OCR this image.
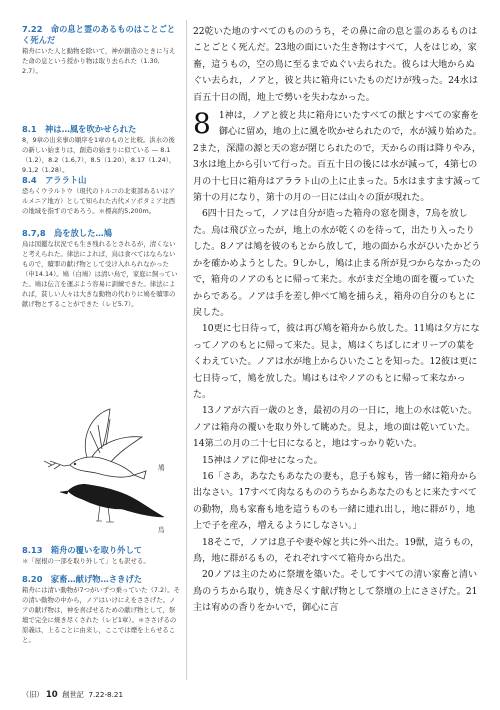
7.22　命の息と霊のあるものはことごとく死んだ

箱舟にいた人と動物を除いて，神が創造のときに与えた命の息という授かり物は取り去られた（1.30, 2.7）。

8.1　神は…風を吹かせられた

8，9章の出来事の順序を1章のものと比較。洪水の後の新しい始まりは，創造の始まりに似ている ― 8.1（1.2），8.2（1.6,7），8.5（1.20），8.17（1.24），9.1,2（1.28）。

8.4　アララト山

恐らくウラルトウ（現代のトルコの北東部あるいはアルメニア地方）として知られた古代メソポタミア北西の地域を指すのであろう。＊標高約5,200m。

8.7,8　烏を放した…鳩

烏は図鑑な状況でも生き残れるとされるが，清くないと考えられた。律法によれば，烏は食べてはならないもので，贖罪の献げ物として受け入れられなかった（申14.14）。鳩（白鳩）は清い鳥で，家庭に飼っていた。鳩は伝言を運ぶよう容易に訓練できた。律法によれば，貧しい人々は大きな動物の代わりに鳩を贖罪の献げ物とすることができた（レビ5.7）。

鳩
烏

8.13　箱舟の覆いを取り外して

＊「屋根の一部を取り外して」とも訳せる。

8.20　家畜…献げ物…さきげた

箱舟には清い動物が7つがいずつ乗っていた（7.2）。その清い動物の中から，ノアはいけにえをささげた。ノアの献げ物は，神を喜ばせるための献げ物として，祭壇で完全に焼き尽くされた（レビ1章）。＊ささげるの原義は，上ることに由来し，ここでは煙を上らせること。

22乾いた地のすべてのもののうち，その鼻に命の息と霊のあるものはことごとく死んだ。23地の面にいた生き物はすべて，人をはじめ，家畜，這うもの，空の鳥に至るまでぬぐい去られた。彼らは大地からぬぐい去られ，ノアと，彼と共に箱舟にいたものだけが残った。24水は百五十日の間，地上で勢いを失わなかった。

8 1神は，ノアと彼と共に箱舟にいたすべての獣とすべての家畜を御心に留め，地の上に風を吹かせられたので，水が減り始めた。2また，深淵の源と天の窓が閉じられたので，天からの雨は降りやみ，3水は地上から引いて行った。百五十日の後には水が減って，4第七の月の十七日に箱舟はアララト山の上に止まった。5水はますます減って第十の月になり，第十の月の一日には山々の頂が現れた。

6四十日たって，ノアは自分が造った箱舟の窓を開き，7烏を放した。烏は飛び立ったが，地上の水が乾くのを待って，出たり入ったりした。8ノアは鳩を彼のもとから放して，地の面から水がひいたかどうかを確かめようとした。9しかし，鳩は止まる所が見つからなかったので，箱舟のノアのもとに帰って来た。水がまだ全地の面を覆っていたからである。ノアは手を差し伸べて鳩を捕らえ，箱舟の自分のもとに戻した。

10更に七日待って，彼は再び鳩を箱舟から放した。11鳩は夕方になってノアのもとに帰って来た。見よ，鳩はくちばしにオリーブの葉をくわえていた。ノアは水が地上からひいたことを知った。12彼は更に七日待って，鳩を放した。鳩はもはやノアのもとに帰って来なかった。

13ノアが六百一歳のとき，最初の月の一日に，地上の水は乾いた。ノアは箱舟の覆いを取り外して眺めた。見よ，地の面は乾いていた。14第二の月の二十七日になると，地はすっかり乾いた。

15神はノアに仰せになった。

16「さあ，あなたもあなたの妻も，息子も嫁も，皆一緒に箱舟から出なさい。17すべて肉なるもののうちからあなたのもとに来たすべての動物，鳥も家畜も地を這うものも一緒に連れ出し，地に群がり，地上で子を産み，増えるようにしなさい。」

18そこで，ノアは息子や妻や嫁と共に外へ出た。19獣，這うもの，鳥，地に群がるもの，それぞれすべて箱舟から出た。

20ノアは主のために祭壇を築いた。そしてすべての清い家畜と清い鳥のうちから取り，焼き尽くす献げ物として祭壇の上にささげた。21主は宥めの香りをかいで，御心に言

（旧） 10 創世記 7.22-8.21
